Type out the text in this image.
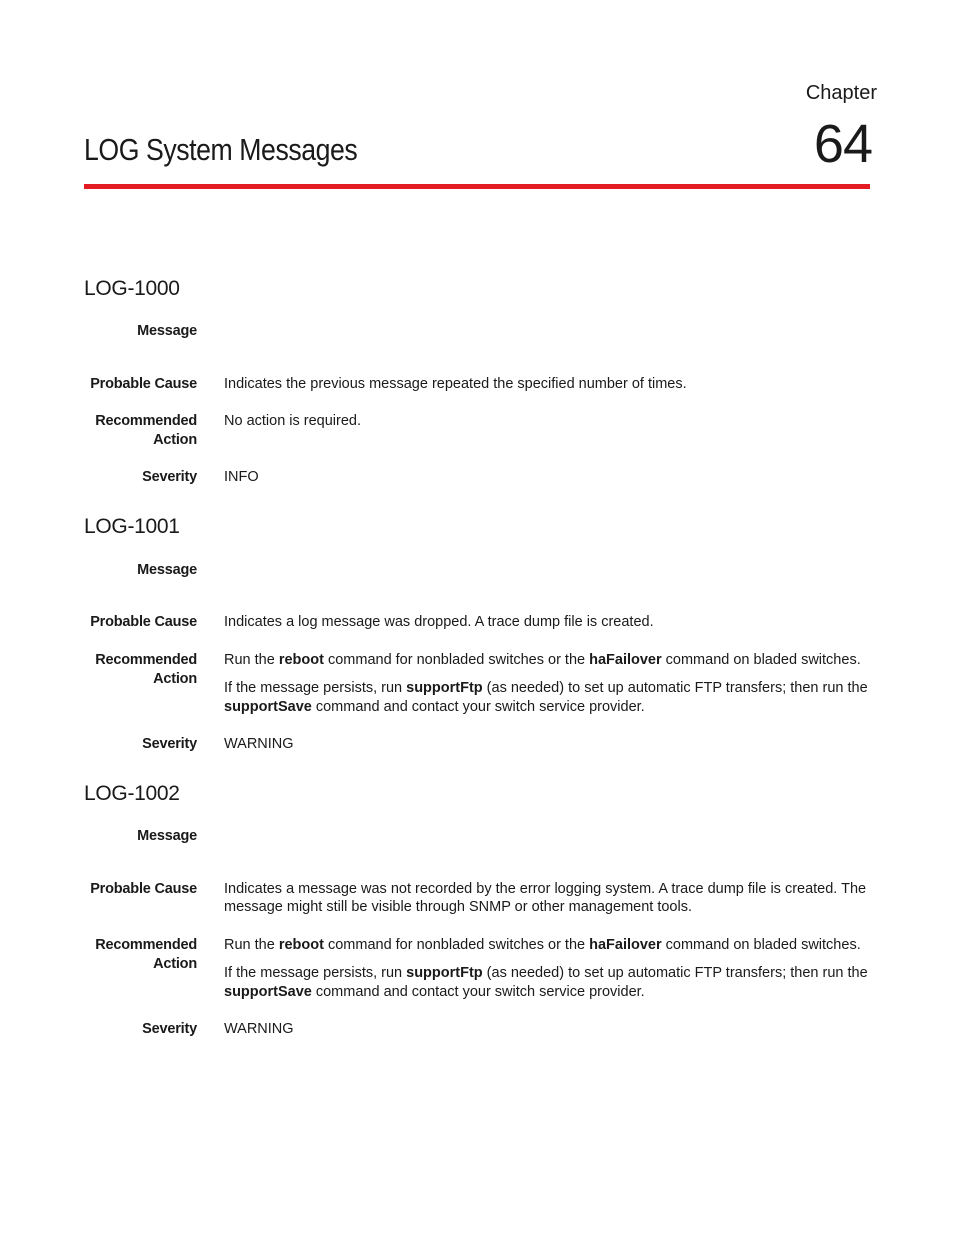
Chapter
64
LOG System Messages
LOG-1000
Message
Probable Cause Indicates the previous message repeated the specified number of times.
Recommended
Action
No action is required.
Severity INFO
LOG-1001
Message
Probable Cause Indicates a log message was dropped. A trace dump file is created.
Recommended
Action
Run the reboot command for nonbladed switches or the haFailover command on bladed switches.
If the message persists, run supportFtp (as needed) to set up automatic FTP transfers; then run the supportSave command and contact your switch service provider.
Severity WARNING
LOG-1002
Message
Probable Cause Indicates a message was not recorded by the error logging system. A trace dump file is created. The
message might still be visible through SNMP or other management tools.
Recommended
Action
Run the reboot command for nonbladed switches or the haFailover command on bladed switches.
If the message persists, run supportFtp (as needed) to set up automatic FTP transfers; then run the supportSave command and contact your switch service provider.
Severity WARNING
